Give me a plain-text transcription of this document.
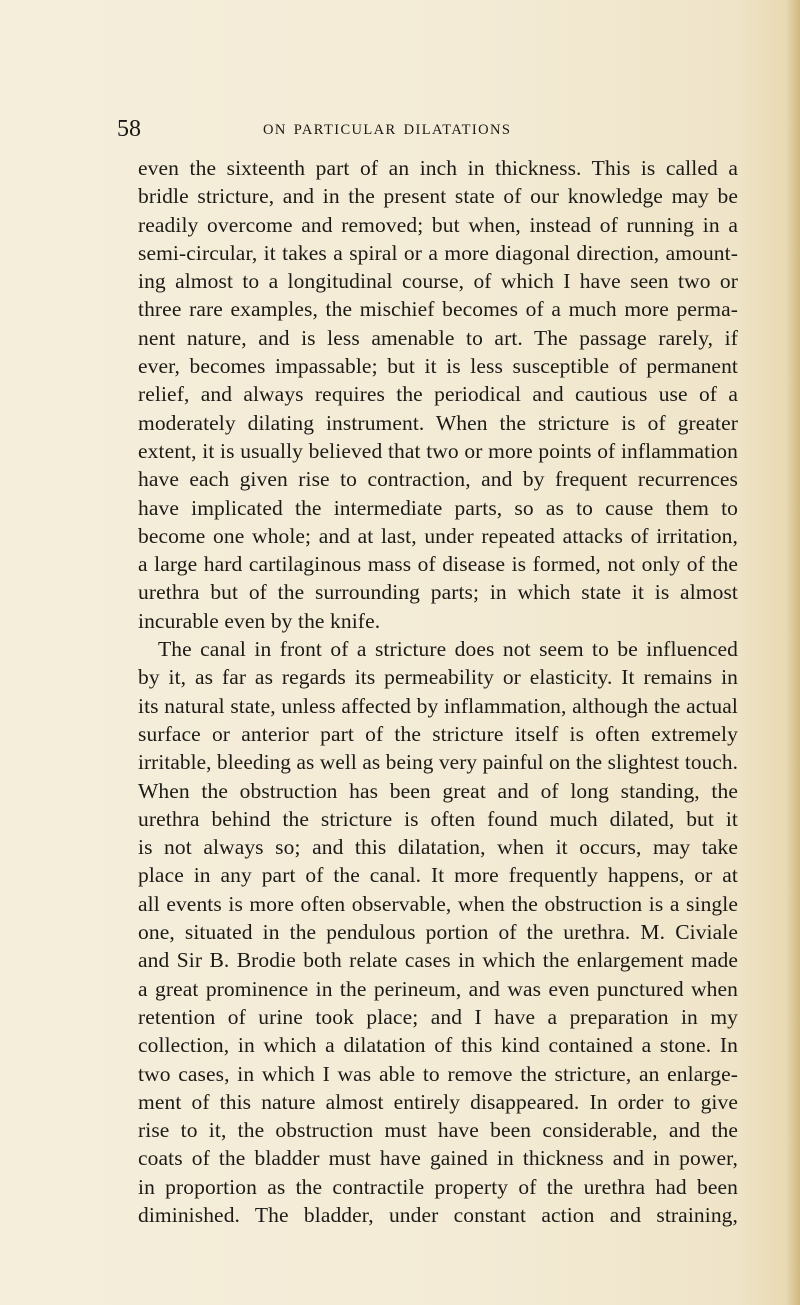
58	ON PARTICULAR DILATATIONS
even the sixteenth part of an inch in thickness. This is called a
bridle stricture, and in the present state of our knowledge may be
readily overcome and removed; but when, instead of running in a
semi-circular, it takes a spiral or a more diagonal direction, amount-
ing almost to a longitudinal course, of which I have seen two or
three rare examples, the mischief becomes of a much more perma-
nent nature, and is less amenable to art. The passage rarely, if
ever, becomes impassable; but it is less susceptible of permanent
relief, and always requires the periodical and cautious use of a
moderately dilating instrument. When the stricture is of greater
extent, it is usually believed that two or more points of inflammation
have each given rise to contraction, and by frequent recurrences
have implicated the intermediate parts, so as to cause them to
become one whole; and at last, under repeated attacks of irritation,
a large hard cartilaginous mass of disease is formed, not only of the
urethra but of the surrounding parts; in which state it is almost
incurable even by the knife.
The canal in front of a stricture does not seem to be influenced
by it, as far as regards its permeability or elasticity. It remains in
its natural state, unless affected by inflammation, although the actual
surface or anterior part of the stricture itself is often extremely
irritable, bleeding as well as being very painful on the slightest touch.
When the obstruction has been great and of long standing, the
urethra behind the stricture is often found much dilated, but it
is not always so; and this dilatation, when it occurs, may take
place in any part of the canal. It more frequently happens, or at
all events is more often observable, when the obstruction is a single
one, situated in the pendulous portion of the urethra. M. Civiale
and Sir B. Brodie both relate cases in which the enlargement made
a great prominence in the perineum, and was even punctured when
retention of urine took place; and I have a preparation in my
collection, in which a dilatation of this kind contained a stone. In
two cases, in which I was able to remove the stricture, an enlarge-
ment of this nature almost entirely disappeared. In order to give
rise to it, the obstruction must have been considerable, and the
coats of the bladder must have gained in thickness and in power,
in proportion as the contractile property of the urethra had been
diminished. The bladder, under constant action and straining,
